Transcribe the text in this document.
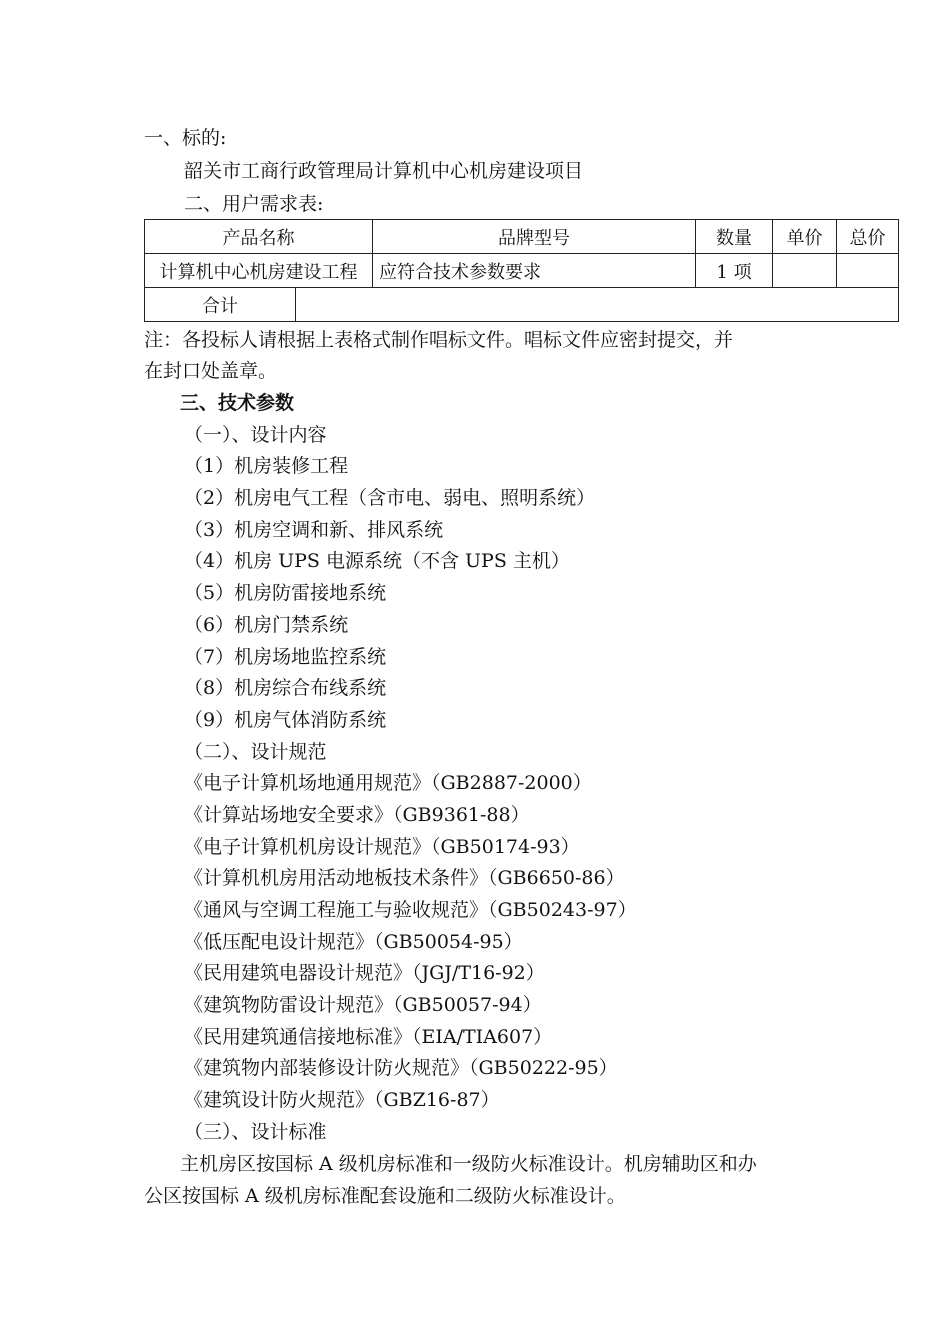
一、标的:
韶关市工商行政管理局计算机中心机房建设项目
二、用户需求表:
产品名称		品牌型号	数量	单价	总价
计算机中心机房建设工程		应符合技术参数要求	1 项		
合计					
注：各投标人请根据上表格式制作唱标文件。唱标文件应密封提交，并
在封口处盖章。
三、技术参数
（一）、设计内容
（1）机房装修工程
（2）机房电气工程（含市电、弱电、照明系统）
（3）机房空调和新、排风系统
（4）机房 UPS 电源系统（不含 UPS 主机）
（5）机房防雷接地系统
（6）机房门禁系统
（7）机房场地监控系统
（8）机房综合布线系统
（9）机房气体消防系统
（二）、设计规范
《电子计算机场地通用规范》（GB2887-2000）
《计算站场地安全要求》（GB9361-88）
《电子计算机机房设计规范》（GB50174-93）
《计算机机房用活动地板技术条件》（GB6650-86）
《通风与空调工程施工与验收规范》（GB50243-97）
《低压配电设计规范》（GB50054-95）
《民用建筑电器设计规范》（JGJ/T16-92）
《建筑物防雷设计规范》（GB50057-94）
《民用建筑通信接地标准》（EIA/TIA607）
《建筑物内部装修设计防火规范》（GB50222-95）
《建筑设计防火规范》（GBZ16-87）
（三）、设计标准
主机房区按国标 A 级机房标准和一级防火标准设计。机房辅助区和办
公区按国标 A 级机房标准配套设施和二级防火标准设计。
